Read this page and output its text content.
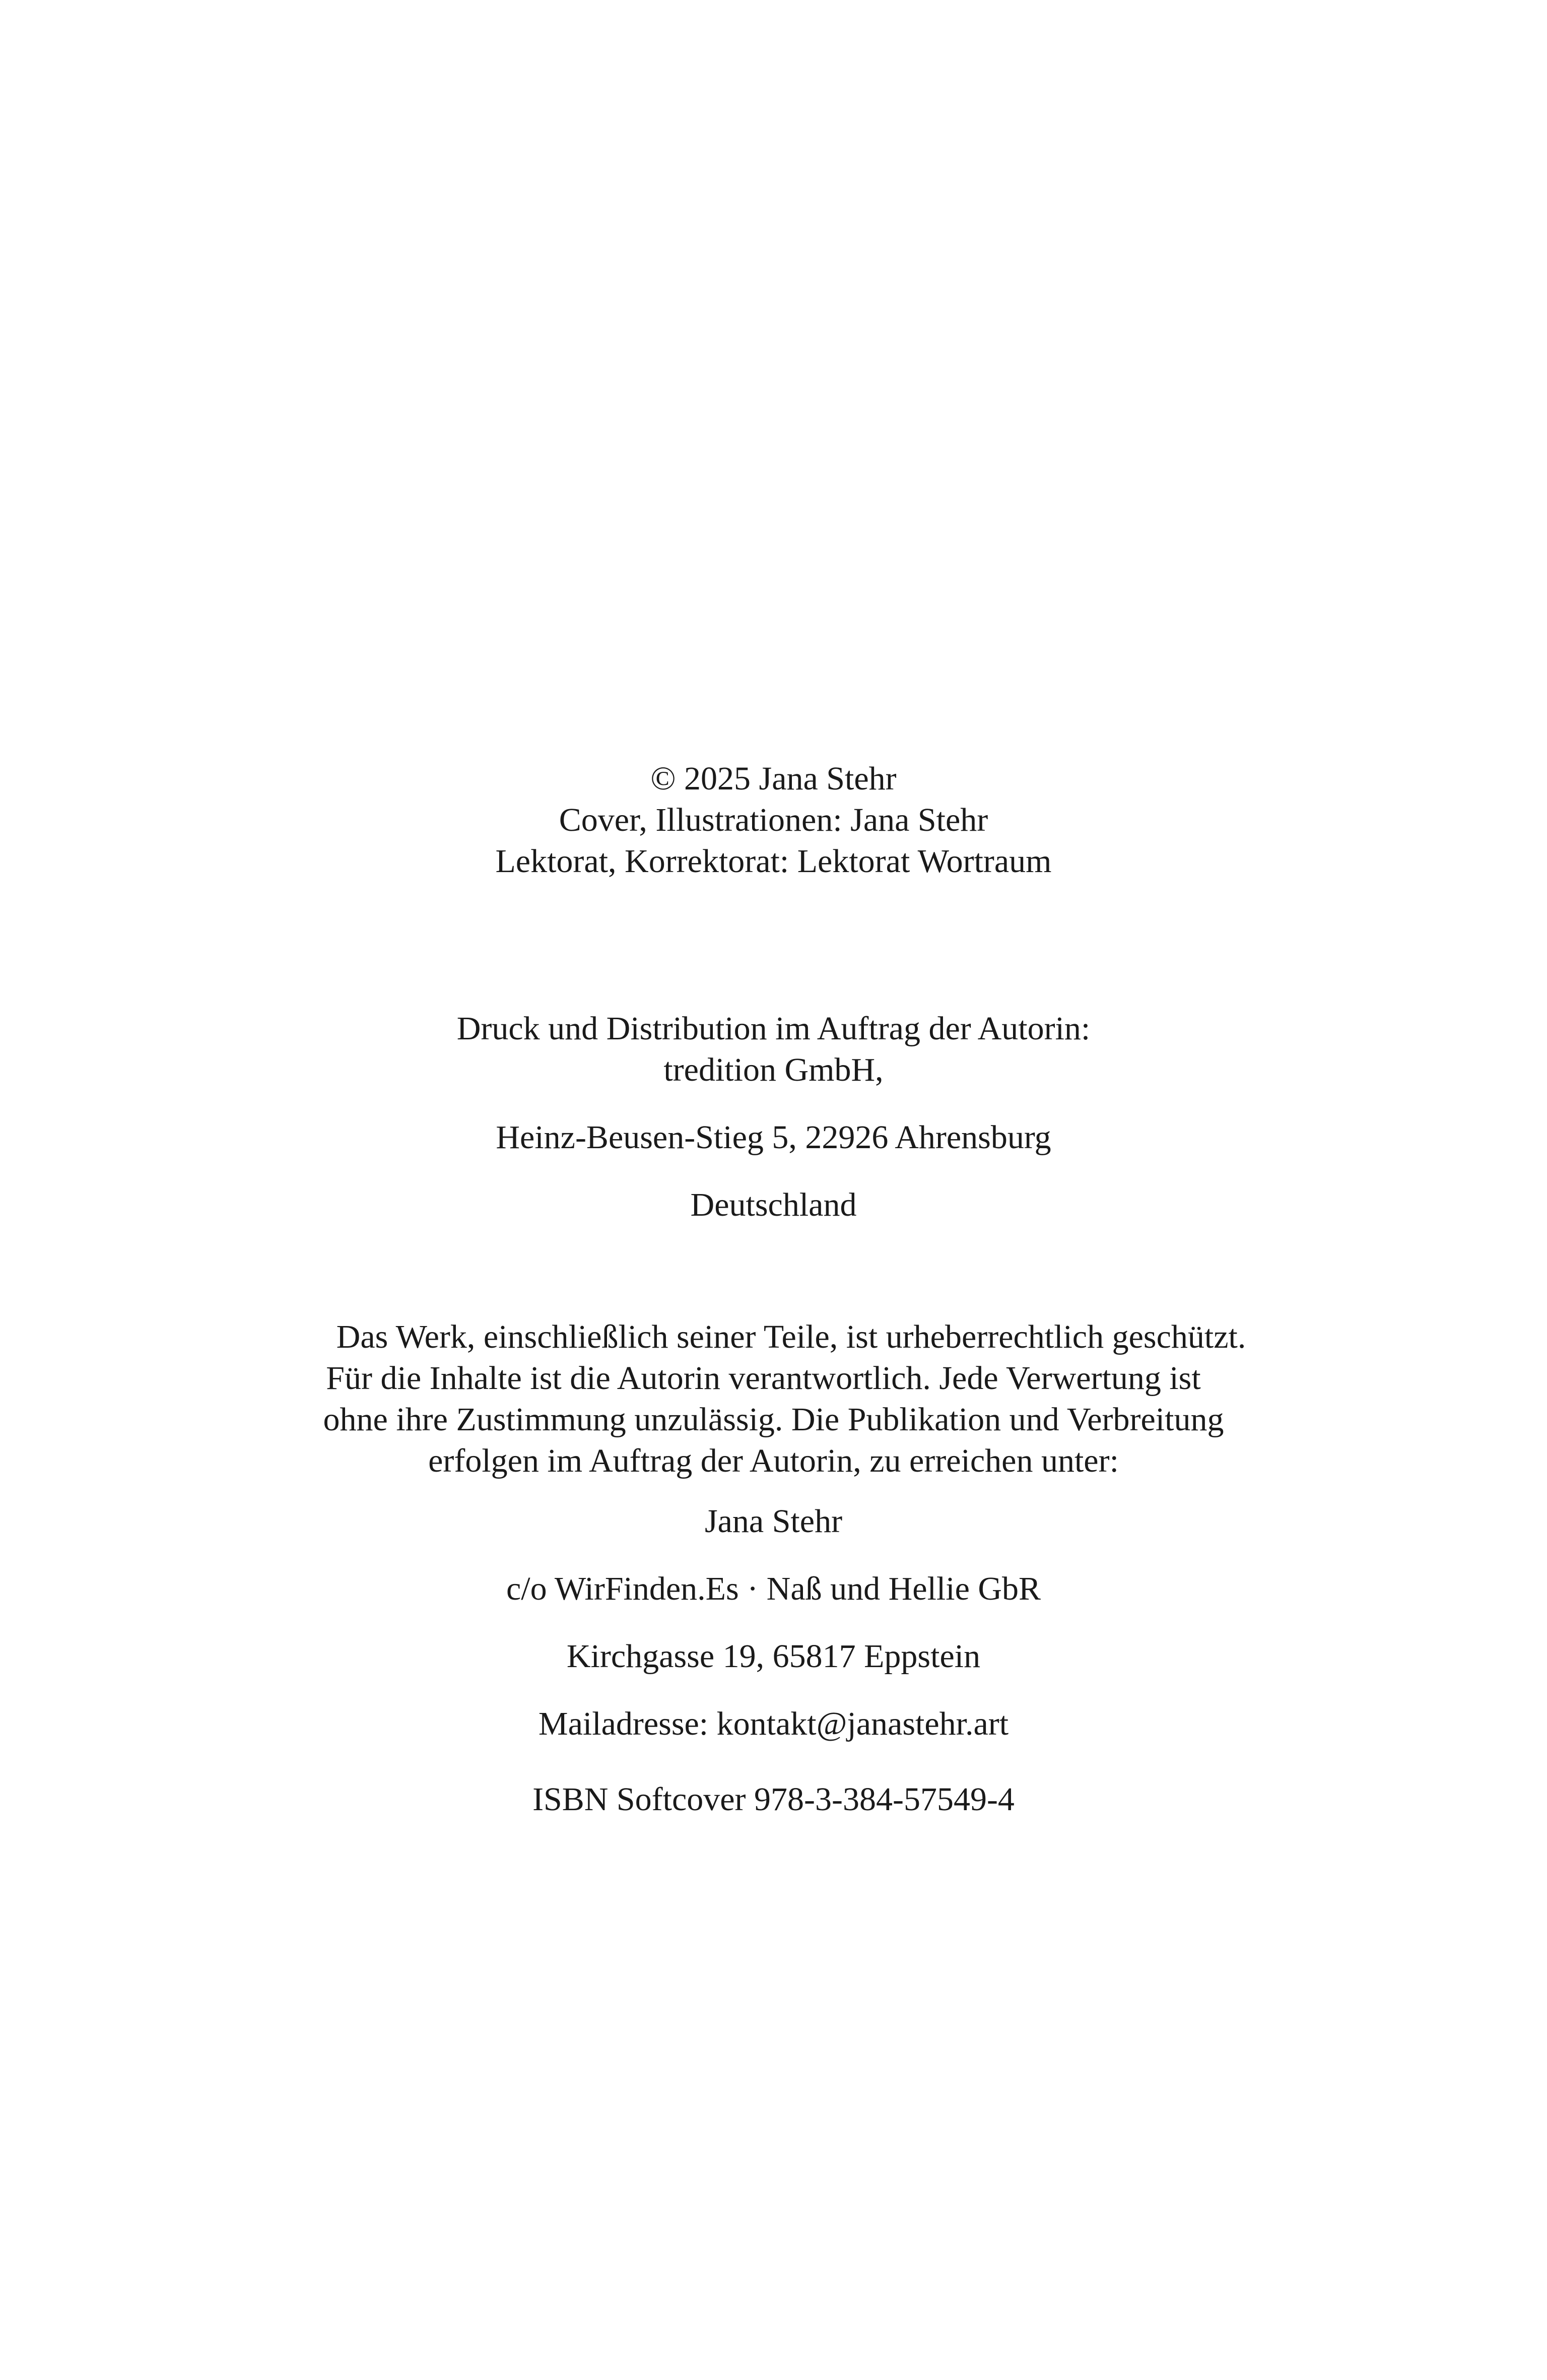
© 2025 Jana Stehr
Cover, Illustrationen: Jana Stehr
Lektorat, Korrektorat: Lektorat Wortraum
Druck und Distribution im Auftrag der Autorin:
tredition GmbH,
Heinz-Beusen-Stieg 5, 22926 Ahrensburg
Deutschland
Das Werk, einschließlich seiner Teile, ist urheberrechtlich geschützt.
Für die Inhalte ist die Autorin verantwortlich. Jede Verwertung ist
ohne ihre Zustimmung unzulässig. Die Publikation und Verbreitung
erfolgen im Auftrag der Autorin, zu erreichen unter:
Jana Stehr
c/o WirFinden.Es · Naß und Hellie GbR
Kirchgasse 19, 65817 Eppstein
Mailadresse: kontakt@janastehr.art
ISBN Softcover 978-3-384-57549-4
